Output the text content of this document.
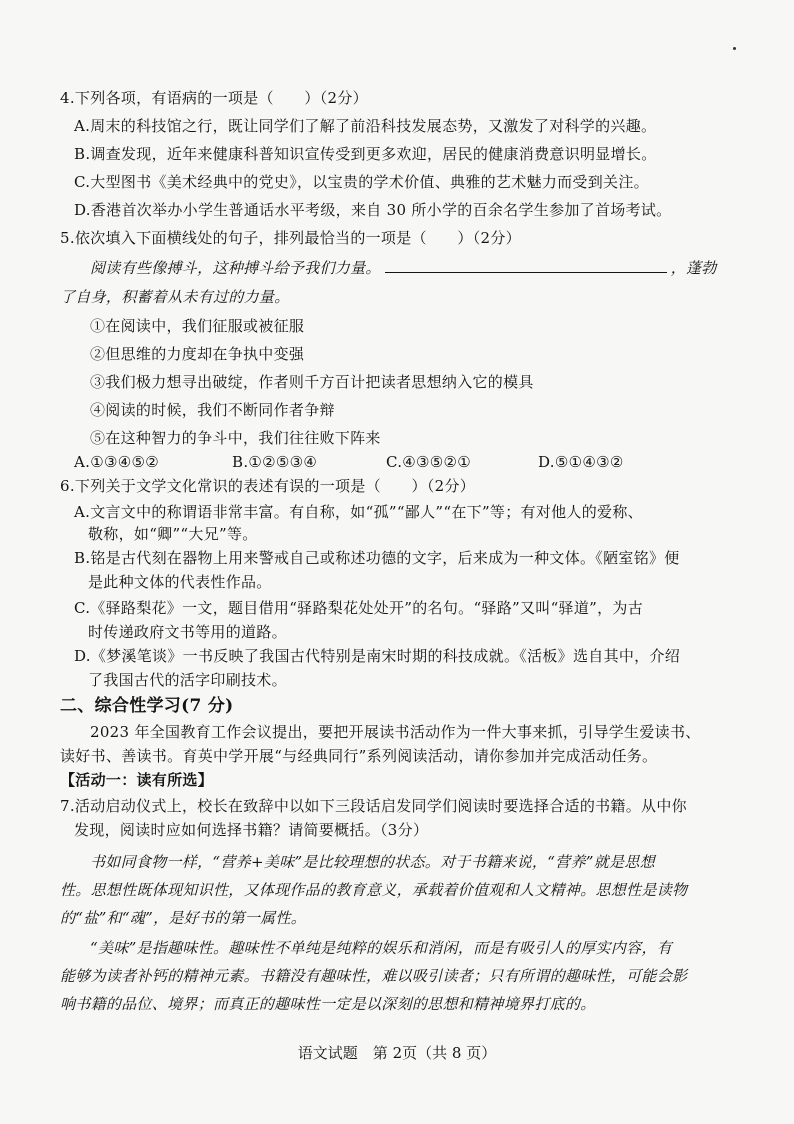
4.下列各项，有语病的一项是（　　）（2分）
A.周末的科技馆之行，既让同学们了解了前沿科技发展态势，又激发了对科学的兴趣。
B.调查发现，近年来健康科普知识宣传受到更多欢迎，居民的健康消费意识明显增长。
C.大型图书《美术经典中的党史》，以宝贵的学术价值、典雅的艺术魅力而受到关注。
D.香港首次举办小学生普通话水平考级，来自 30 所小学的百余名学生参加了首场考试。
5.依次填入下面横线处的句子，排列最恰当的一项是（　　）（2分）
阅读有些像搏斗，这种搏斗给予我们力量。	，蓬勃
了自身，积蓄着从未有过的力量。
①在阅读中，我们征服或被征服
②但思维的力度却在争执中变强
③我们极力想寻出破绽，作者则千方百计把读者思想纳入它的模具
④阅读的时候，我们不断同作者争辩
⑤在这种智力的争斗中，我们往往败下阵来
A.①③④⑤②	B.①②⑤③④	C.④③⑤②①	D.⑤①④③②
6.下列关于文学文化常识的表述有误的一项是（　　）（2分）
A.文言文中的称谓语非常丰富。有自称，如“孤”“鄙人”“在下”等；有对他人的爱称、
敬称，如“卿”“大兄”等。
B.铭是古代刻在器物上用来警戒自己或称述功德的文字，后来成为一种文体。《陋室铭》便
是此种文体的代表性作品。
C.《驿路梨花》一文，题目借用“驿路梨花处处开”的名句。“驿路”又叫“驿道”，为古
时传递政府文书等用的道路。
D.《梦溪笔谈》一书反映了我国古代特别是南宋时期的科技成就。《活板》选自其中，介绍
了我国古代的活字印刷技术。
二、综合性学习(7 分)
2023 年全国教育工作会议提出，要把开展读书活动作为一件大事来抓，引导学生爱读书、
读好书、善读书。育英中学开展“与经典同行”系列阅读活动，请你参加并完成活动任务。
【活动一：读有所选】
7.活动启动仪式上，校长在致辞中以如下三段话启发同学们阅读时要选择合适的书籍。从中你
发现，阅读时应如何选择书籍？请简要概括。（3分）
书如同食物一样，“营养+美味”是比较理想的状态。对于书籍来说，“营养”就是思想
性。思想性既体现知识性，又体现作品的教育意义，承载着价值观和人文精神。思想性是读物
的“盐”和“魂”，是好书的第一属性。
“美味”是指趣味性。趣味性不单纯是纯粹的娱乐和消闲，而是有吸引人的厚实内容，有
能够为读者补钙的精神元素。书籍没有趣味性，难以吸引读者；只有所谓的趣味性，可能会影
响书籍的品位、境界；而真正的趣味性一定是以深刻的思想和精神境界打底的。
语文试题　第 2页（共 8 页）
